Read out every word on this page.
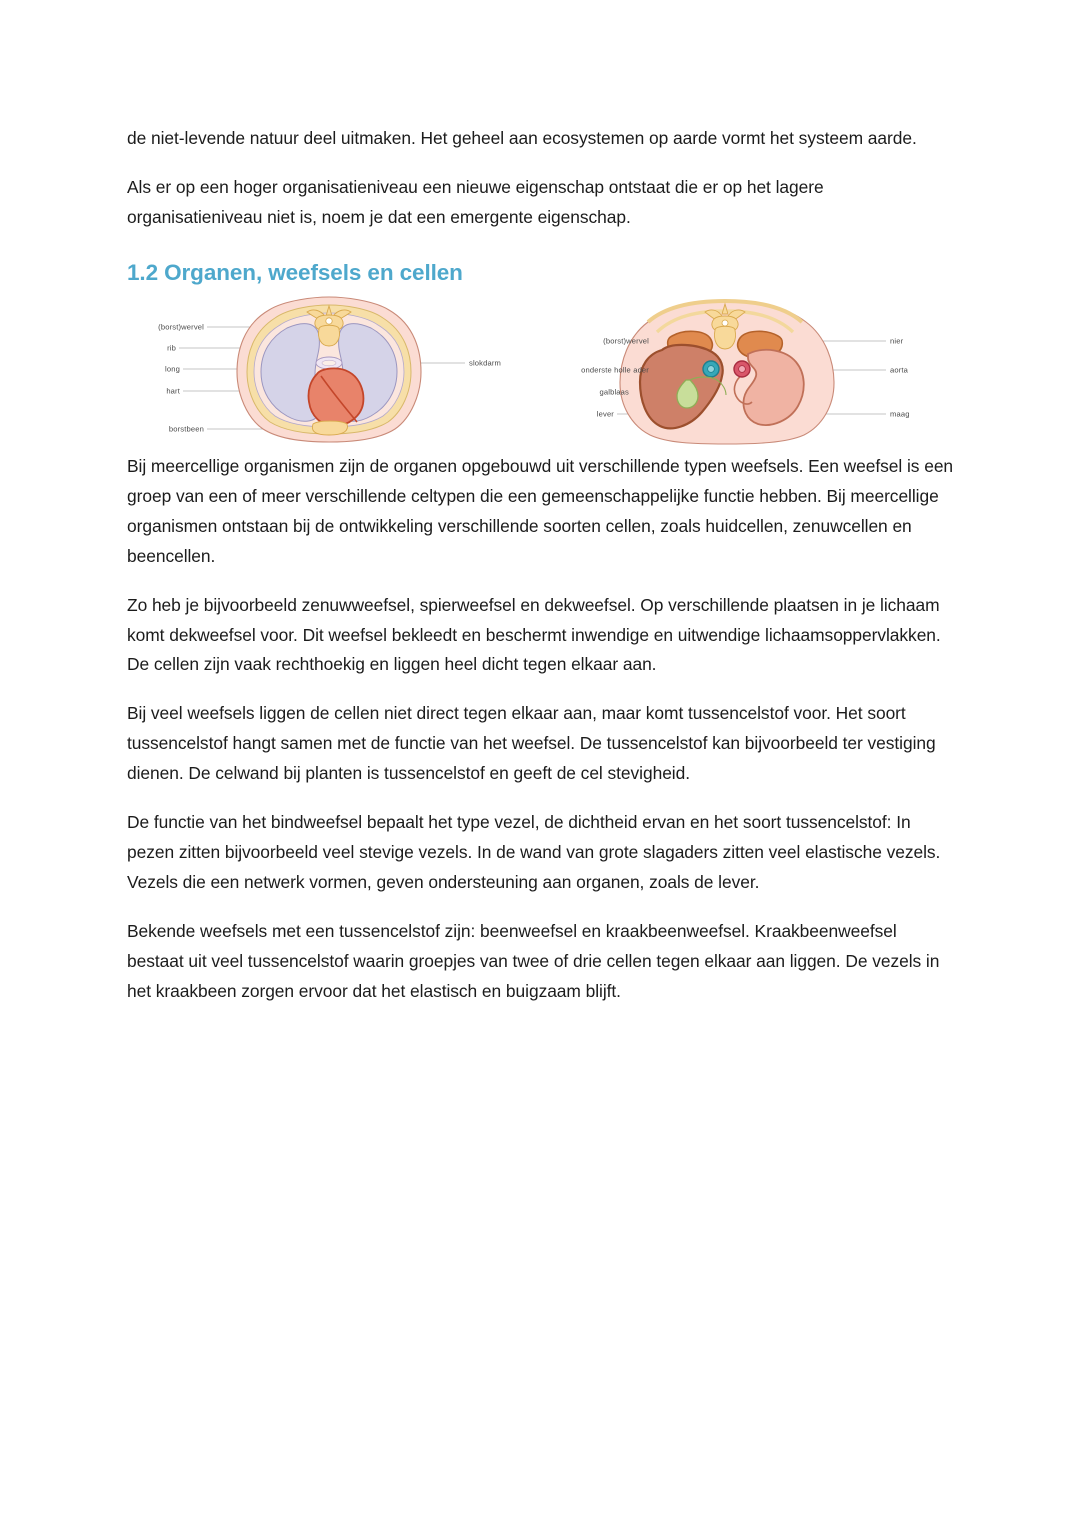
de niet-levende natuur deel uitmaken. Het geheel aan ecosystemen op aarde vormt het systeem aarde.

Als er op een hoger organisatieniveau een nieuwe eigenschap ontstaat die er op het lagere organisatieniveau niet is, noem je dat een emergente eigenschap.

1.2 Organen, weefsels en cellen
(borst)wervel
rib
long
hart
borstbeen
slokdarm
(borst)wervel
onderste holle ader
galblaas
lever
nier
aorta
maag

Bij meercellige organismen zijn de organen opgebouwd uit verschillende typen weefsels. Een weefsel is een groep van een of meer verschillende celtypen die een gemeenschappelijke functie hebben. Bij meercellige organismen ontstaan bij de ontwikkeling verschillende soorten cellen, zoals huidcellen, zenuwcellen en beencellen.

Zo heb je bijvoorbeeld zenuwweefsel, spierweefsel en dekweefsel. Op verschillende plaatsen in je lichaam komt dekweefsel voor. Dit weefsel bekleedt en beschermt inwendige en uitwendige lichaamsoppervlakken. De cellen zijn vaak rechthoekig en liggen heel dicht tegen elkaar aan.

Bij veel weefsels liggen de cellen niet direct tegen elkaar aan, maar komt tussencelstof voor. Het soort tussencelstof hangt samen met de functie van het weefsel. De tussencelstof kan bijvoorbeeld ter vestiging dienen. De celwand bij planten is tussencelstof en geeft de cel stevigheid.

De functie van het bindweefsel bepaalt het type vezel, de dichtheid ervan en het soort tussencelstof: In pezen zitten bijvoorbeeld veel stevige vezels. In de wand van grote slagaders zitten veel elastische vezels. Vezels die een netwerk vormen, geven ondersteuning aan organen, zoals de lever.

Bekende weefsels met een tussencelstof zijn: beenweefsel en kraakbeenweefsel. Kraakbeenweefsel bestaat uit veel tussencelstof waarin groepjes van twee of drie cellen tegen elkaar aan liggen. De vezels in het kraakbeen zorgen ervoor dat het elastisch en buigzaam blijft.
